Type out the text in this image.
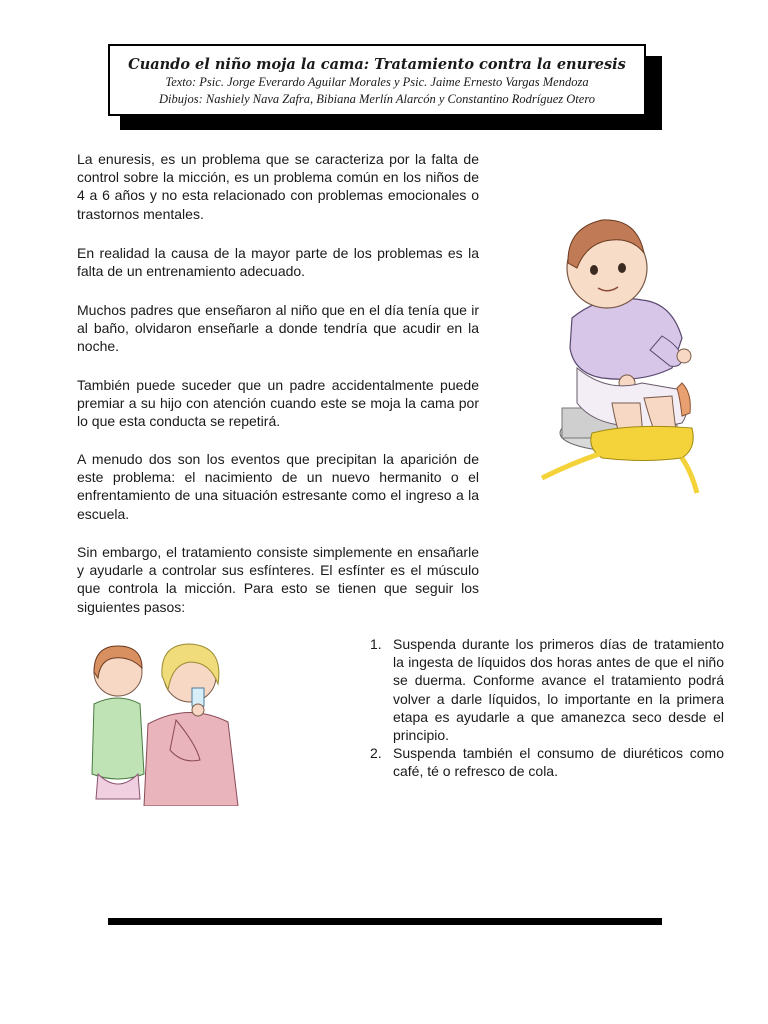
Cuando el niño moja la cama: Tratamiento contra la enuresis
Texto: Psic. Jorge Everardo Aguilar Morales y Psic. Jaime Ernesto Vargas Mendoza
Dibujos: Nashiely Nava Zafra, Bibiana Merlín Alarcón y Constantino Rodríguez Otero

La enuresis, es un problema que se caracteriza por la falta de control sobre la micción, es un problema común en los niños de 4 a 6 años y no esta relacionado con problemas emocionales o trastornos mentales.

En realidad la causa de la mayor parte de los problemas es la falta de un entrenamiento adecuado.

Muchos padres que enseñaron al niño que en el día tenía que ir al baño, olvidaron enseñarle a donde tendría que acudir en la noche.

También puede suceder que un padre accidentalmente puede premiar a su hijo con atención cuando este se moja la cama por lo que esta conducta se repetirá.

A menudo dos son los eventos que precipitan la aparición de este problema: el nacimiento de un nuevo hermanito o el enfrentamiento de una situación estresante como el ingreso a la escuela.

Sin embargo, el tratamiento consiste simplemente en ensañarle y ayudarle a controlar sus esfínteres. El esfínter es el músculo que controla la micción. Para esto se tienen que seguir los siguientes pasos:

1. Suspenda durante los primeros días de tratamiento la ingesta de líquidos dos horas antes de que el niño se duerma. Conforme avance el tratamiento podrá volver a darle líquidos, lo importante en la primera etapa es ayudarle a que amanezca seco desde el principio.
2. Suspenda también el consumo de diuréticos como café, té o refresco de cola.
